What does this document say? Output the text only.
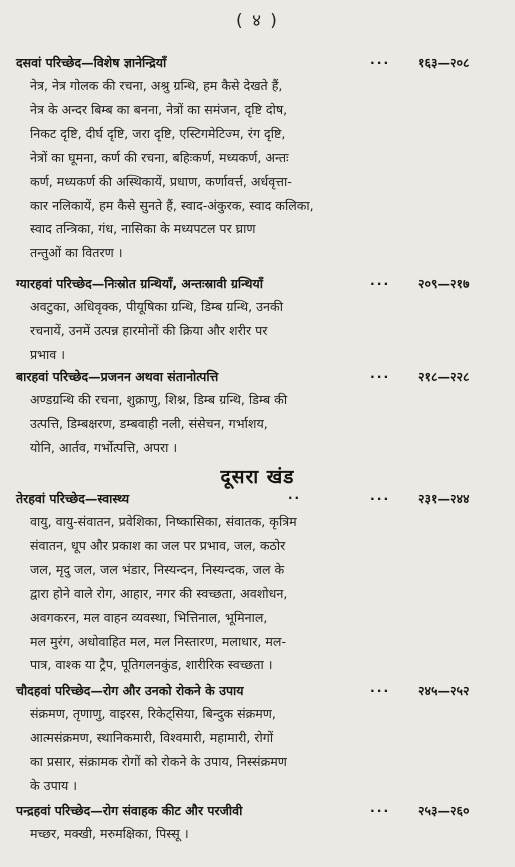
( ४ )
दसवां परिच्छेद—विशेष ज्ञानेन्द्रियाँ	... १६३—२०८
नेत्र, नेत्र गोलक की रचना, अश्रु ग्रन्थि, हम कैसे देखते हैं,
नेत्र के अन्दर बिम्ब का बनना, नेत्रों का समंजन, दृष्टि दोष,
निकट दृष्टि, दीर्घ दृष्टि, जरा दृष्टि, एस्टिगमेटिज्म, रंग दृष्टि,
नेत्रों का घूमना, कर्ण की रचना, बहिःकर्ण, मध्यकर्ण, अन्तः
कर्ण, मध्यकर्ण की अस्थिकायें, प्रधाण, कर्णावर्त्त, अर्धवृत्ता-
कार नलिकायें, हम कैसे सुनते हैं, स्वाद-अंकुरक, स्वाद कलिका,
स्वाद तन्त्रिका, गंध, नासिका के मध्यपटल पर घ्राण
तन्तुओं का वितरण ।
ग्यारहवां परिच्छेद—निःस्रोत ग्रन्थियाँ, अन्तःस्रावी ग्रन्थियाँ	... २०९—२१७
अवटुका, अधिवृक्क, पीयूषिका ग्रन्थि, डिम्ब ग्रन्थि, उनकी
रचनायें, उनमें उत्पन्न हारमोनों की क्रिया और शरीर पर
प्रभाव ।
बारहवां परिच्छेद—प्रजनन अथवा संतानोत्पत्ति	... २१८—२२८
अण्डग्रन्थि की रचना, शुक्राणु, शिश्न, डिम्ब ग्रन्थि, डिम्ब की
उत्पत्ति, डिम्बक्षरण, डम्बवाही नली, संसेचन, गर्भाशय,
योनि, आर्तव, गर्भोत्पत्ति, अपरा ।
दूसरा खंड
तेरहवां परिच्छेद—स्वास्थ्य	..	... २३१—२४४
वायु, वायु-संवातन, प्रवेशिका, निष्कासिका, संवातक, कृत्रिम
संवातन, धूप और प्रकाश का जल पर प्रभाव, जल, कठोर
जल, मृदु जल, जल भंडार, निस्यन्दन, निस्यन्दक, जल के
द्वारा होने वाले रोग, आहार, नगर की स्वच्छता, अवशोधन,
अवगकरन, मल वाहन व्यवस्था, भित्तिनाल, भूमिनाल,
मल मुरंग, अधोवाहित मल, मल निस्तारण, मलाधार, मल-
पात्र, वाश्क या ट्रैप, पूतिगलनकुंड, शारीरिक स्वच्छता ।
चौदहवां परिच्छेद—रोग और उनको रोकने के उपाय	... २४५—२५२
संक्रमण, तृणाणु, वाइरस, रिकेट्सिया, बिन्दुक संक्रमण,
आत्मसंक्रमण, स्थानिकमारी, विश्वमारी, महामारी, रोगों
का प्रसार, संक्रामक रोगों को रोकने के उपाय, निस्संक्रमण
के उपाय ।
पन्द्रहवां परिच्छेद—रोग संवाहक कीट और परजीवी	... २५३—२६०
मच्छर, मक्खी, मरुमक्षिका, पिस्सू ।
